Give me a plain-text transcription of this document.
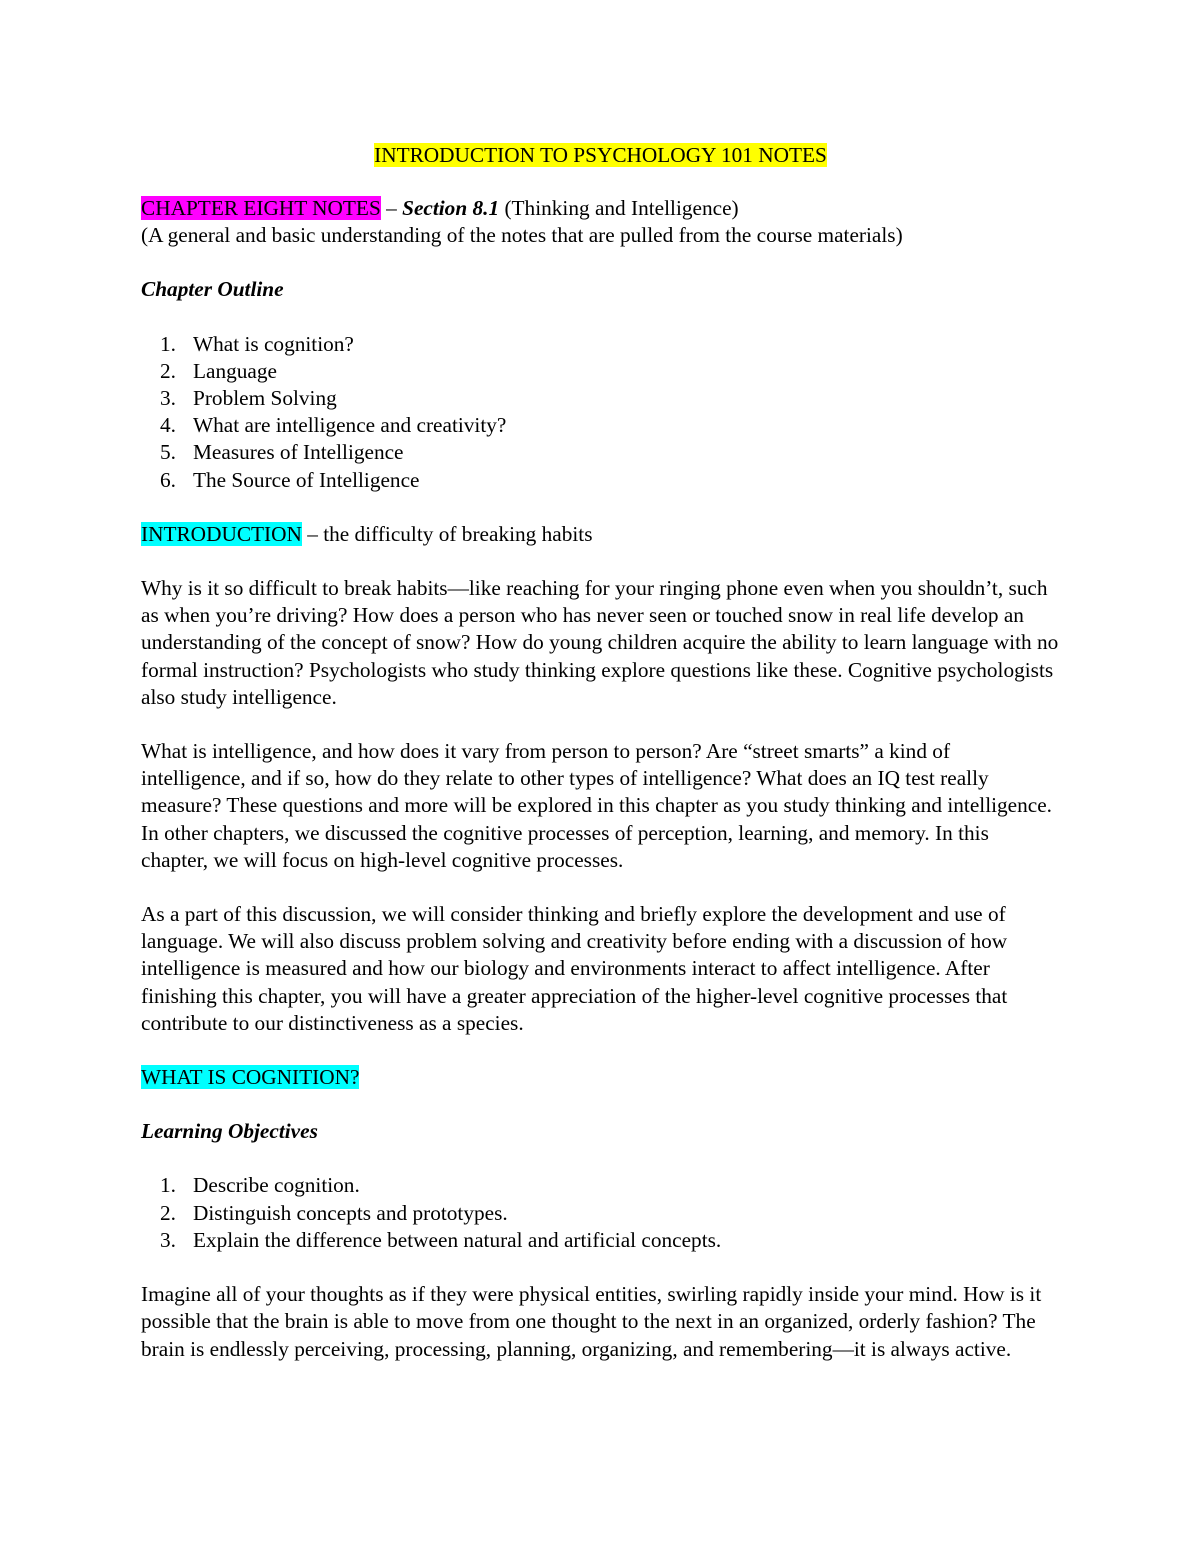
INTRODUCTION TO PSYCHOLOGY 101 NOTES

CHAPTER EIGHT NOTES – Section 8.1 (Thinking and Intelligence)

(A general and basic understanding of the notes that are pulled from the course materials)

Chapter Outline

1. What is cognition?
2. Language
3. Problem Solving
4. What are intelligence and creativity?
5. Measures of Intelligence
6. The Source of Intelligence

INTRODUCTION – the difficulty of breaking habits

Why is it so difficult to break habits—like reaching for your ringing phone even when you shouldn’t, such as when you’re driving? How does a person who has never seen or touched snow in real life develop an understanding of the concept of snow? How do young children acquire the ability to learn language with no formal instruction? Psychologists who study thinking explore questions like these. Cognitive psychologists also study intelligence.

What is intelligence, and how does it vary from person to person? Are “street smarts” a kind of intelligence, and if so, how do they relate to other types of intelligence? What does an IQ test really measure? These questions and more will be explored in this chapter as you study thinking and intelligence. In other chapters, we discussed the cognitive processes of perception, learning, and memory. In this chapter, we will focus on high-level cognitive processes.

As a part of this discussion, we will consider thinking and briefly explore the development and use of language. We will also discuss problem solving and creativity before ending with a discussion of how intelligence is measured and how our biology and environments interact to affect intelligence. After finishing this chapter, you will have a greater appreciation of the higher-level cognitive processes that contribute to our distinctiveness as a species.

WHAT IS COGNITION?

Learning Objectives

1. Describe cognition.
2. Distinguish concepts and prototypes.
3. Explain the difference between natural and artificial concepts.

Imagine all of your thoughts as if they were physical entities, swirling rapidly inside your mind. How is it possible that the brain is able to move from one thought to the next in an organized, orderly fashion? The brain is endlessly perceiving, processing, planning, organizing, and remembering—it is always active.
